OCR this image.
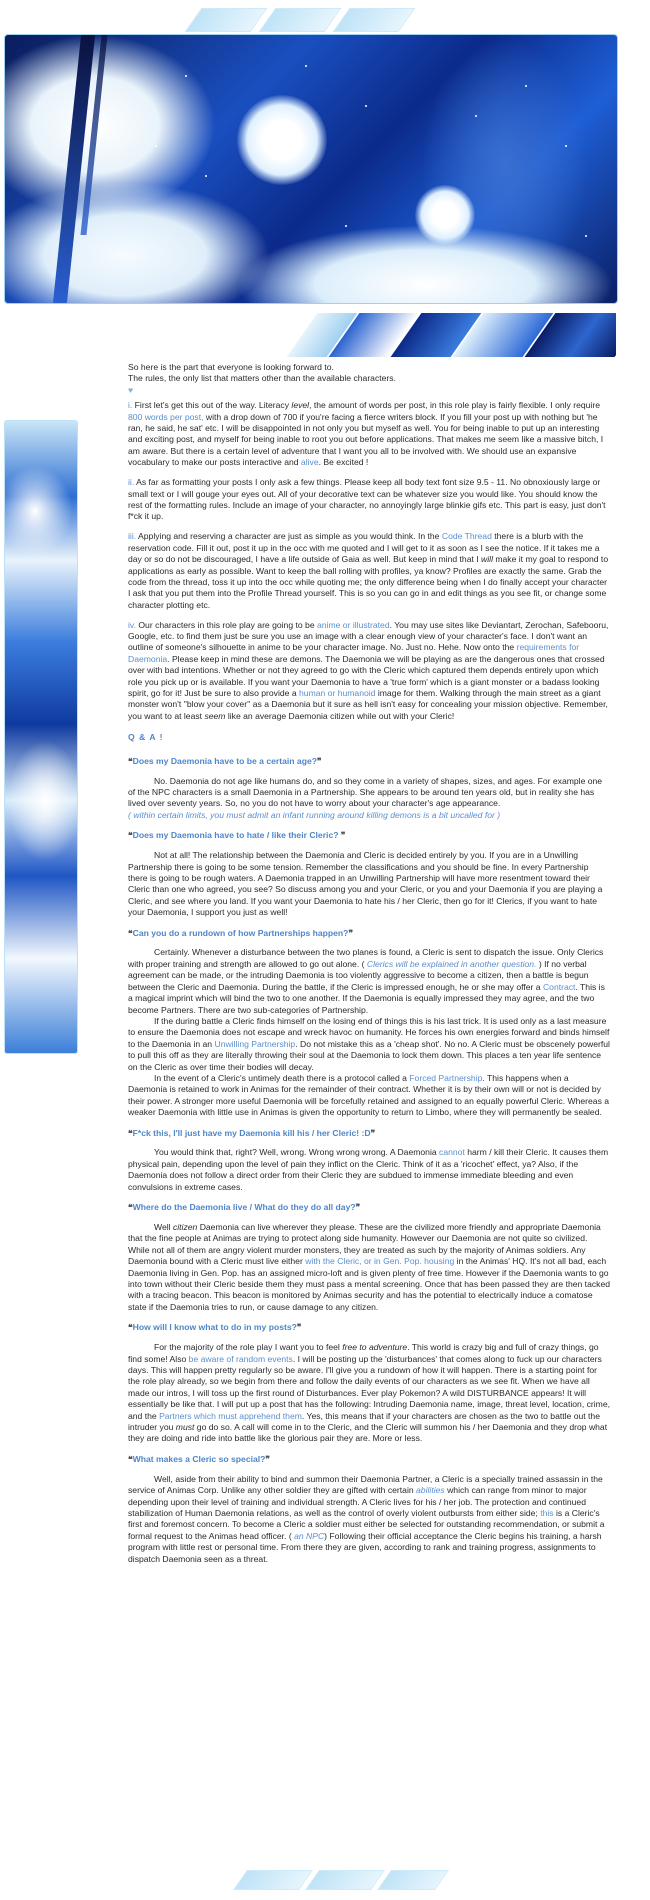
So here is the part that everyone is looking forward to.
The rules, the only list that matters other than the available characters.
♥

i. First let's get this out of the way. Literacy level, the amount of words per post, in this role play is fairly flexible. I only require 800 words per post, with a drop down of 700 if you're facing a fierce writers block. If you fill your post up with nothing but 'he ran, he said, he sat' etc. I will be disappointed in not only you but myself as well. You for being inable to put up an interesting and exciting post, and myself for being inable to root you out before applications. That makes me seem like a massive bitch, I am aware. But there is a certain level of adventure that I want you all to be involved with. We should use an expansive vocabulary to make our posts interactive and alive. Be excited !

ii. As far as formatting your posts I only ask a few things. Please keep all body text font size 9.5 - 11. No obnoxiously large or small text or I will gouge your eyes out. All of your decorative text can be whatever size you would like. You should know the rest of the formatting rules. Include an image of your character, no annoyingly large blinkie gifs etc. This part is easy, just don't f*ck it up.

iii. Applying and reserving a character are just as simple as you would think. In the Code Thread there is a blurb with the reservation code. Fill it out, post it up in the occ with me quoted and I will get to it as soon as I see the notice. If it takes me a day or so do not be discouraged, I have a life outside of Gaia as well. But keep in mind that I will make it my goal to respond to applications as early as possible. Want to keep the ball rolling with profiles, ya know? Profiles are exactly the same. Grab the code from the thread, toss it up into the occ while quoting me; the only difference being when I do finally accept your character I ask that you put them into the Profile Thread yourself. This is so you can go in and edit things as you see fit, or change some character plotting etc.

iv. Our characters in this role play are going to be anime or illustrated. You may use sites like Deviantart, Zerochan, Safebooru, Google, etc. to find them just be sure you use an image with a clear enough view of your character's face. I don't want an outline of someone's silhouette in anime to be your character image. No. Just no. Hehe. Now onto the requirements for Daemonia. Please keep in mind these are demons. The Daemonia we will be playing as are the dangerous ones that crossed over with bad intentions. Whether or not they agreed to go with the Cleric which captured them depends entirely upon which role you pick up or is available. If you want your Daemonia to have a 'true form' which is a giant monster or a badass looking spirit, go for it! Just be sure to also provide a human or humanoid image for them. Walking through the main street as a giant monster won't ''blow your cover'' as a Daemonia but it sure as hell isn't easy for concealing your mission objective. Remember, you want to at least seem like an average Daemonia citizen while out with your Cleric!

Q & A !

❝Does my Daemonia have to be a certain age?❞

No. Daemonia do not age like humans do, and so they come in a variety of shapes, sizes, and ages. For example one of the NPC characters is a small Daemonia in a Partnership. She appears to be around ten years old, but in reality she has lived over seventy years. So, no you do not have to worry about your character's age appearance.
( within certain limits, you must admit an infant running around killing demons is a bit uncalled for )

❝Does my Daemonia have to hate / like their Cleric? ❞

Not at all! The relationship between the Daemonia and Cleric is decided entirely by you. If you are in a Unwilling Partnership there is going to be some tension. Remember the classifications and you should be fine. In every Partnership there is going to be rough waters. A Daemonia trapped in an Unwilling Partnership will have more resentment toward their Cleric than one who agreed, you see? So discuss among you and your Cleric, or you and your Daemonia if you are playing a Cleric, and see where you land. If you want your Daemonia to hate his / her Cleric, then go for it! Clerics, if you want to hate your Daemonia, I support you just as well!

❝Can you do a rundown of how Partnerships happen?❞

Certainly. Whenever a disturbance between the two planes is found, a Cleric is sent to dispatch the issue. Only Clerics with proper training and strength are allowed to go out alone. ( Clerics will be explained in another question. ) If no verbal agreement can be made, or the intruding Daemonia is too violently aggressive to become a citizen, then a battle is begun between the Cleric and Daemonia. During the battle, if the Cleric is impressed enough, he or she may offer a Contract. This is a magical imprint which will bind the two to one another. If the Daemonia is equally impressed they may agree, and the two become Partners. There are two sub-categories of Partnership.

If the during battle a Cleric finds himself on the losing end of things this is his last trick. It is used only as a last measure to ensure the Daemonia does not escape and wreck havoc on humanity. He forces his own energies forward and binds himself to the Daemonia in an Unwilling Partnership. Do not mistake this as a 'cheap shot'. No no. A Cleric must be obscenely powerful to pull this off as they are literally throwing their soul at the Daemonia to lock them down. This places a ten year life sentence on the Cleric as over time their bodies will decay.

In the event of a Cleric's untimely death there is a protocol called a Forced Partnership. This happens when a Daemonia is retained to work in Animas for the remainder of their contract. Whether it is by their own will or not is decided by their power. A stronger more useful Daemonia will be forcefully retained and assigned to an equally powerful Cleric. Whereas a weaker Daemonia with little use in Animas is given the opportunity to return to Limbo, where they will permanently be sealed.

❝F*ck this, I'll just have my Daemonia kill his / her Cleric! :D❞

You would think that, right? Well, wrong. Wrong wrong wrong. A Daemonia cannot harm / kill their Cleric. It causes them physical pain, depending upon the level of pain they inflict on the Cleric. Think of it as a 'ricochet' effect, ya? Also, if the Daemonia does not follow a direct order from their Cleric they are subdued to immense immediate bleeding and even convulsions in extreme cases.

❝Where do the Daemonia live / What do they do all day?❞

Well citizen Daemonia can live wherever they please. These are the civilized more friendly and appropriate Daemonia that the fine people at Animas are trying to protect along side humanity. However our Daemonia are not quite so civilized. While not all of them are angry violent murder monsters, they are treated as such by the majority of Animas soldiers. Any Daemonia bound with a Cleric must live either with the Cleric, or in Gen. Pop. housing in the Animas' HQ. It's not all bad, each Daemonia living in Gen. Pop. has an assigned micro-loft and is given plenty of free time. However if the Daemonia wants to go into town without their Cleric beside them they must pass a mental screening. Once that has been passed they are then tacked with a tracing beacon. This beacon is monitored by Animas security and has the potential to electrically induce a comatose state if the Daemonia tries to run, or cause damage to any citizen.

❝How will I know what to do in my posts?❞

For the majority of the role play I want you to feel free to adventure. This world is crazy big and full of crazy things, go find some! Also be aware of random events. I will be posting up the 'disturbances' that comes along to fuck up our characters days. This will happen pretty regularly so be aware. I'll give you a rundown of how it will happen. There is a starting point for the role play already, so we begin from there and follow the daily events of our characters as we see fit. When we have all made our intros, I will toss up the first round of Disturbances. Ever play Pokemon? A wild DISTURBANCE appears! It will essentially be like that. I will put up a post that has the following: Intruding Daemonia name, image, threat level, location, crime, and the Partners which must apprehend them. Yes, this means that if your characters are chosen as the two to battle out the intruder you must go do so. A call will come in to the Cleric, and the Cleric will summon his / her Daemonia and they drop what they are doing and ride into battle like the glorious pair they are. More or less.

❝What makes a Cleric so special?❞

Well, aside from their ability to bind and summon their Daemonia Partner, a Cleric is a specially trained assassin in the service of Animas Corp. Unlike any other soldier they are gifted with certain abilities which can range from minor to major depending upon their level of training and individual strength. A Cleric lives for his / her job. The protection and continued stabilization of Human Daemonia relations, as well as the control of overly violent outbursts from either side; this is a Cleric's first and foremost concern. To become a Cleric a soldier must either be selected for outstanding recommendation, or submit a formal request to the Animas head officer. ( an NPC) Following their official acceptance the Cleric begins his training, a harsh program with little rest or personal time. From there they are given, according to rank and training progress, assignments to dispatch Daemonia seen as a threat.
